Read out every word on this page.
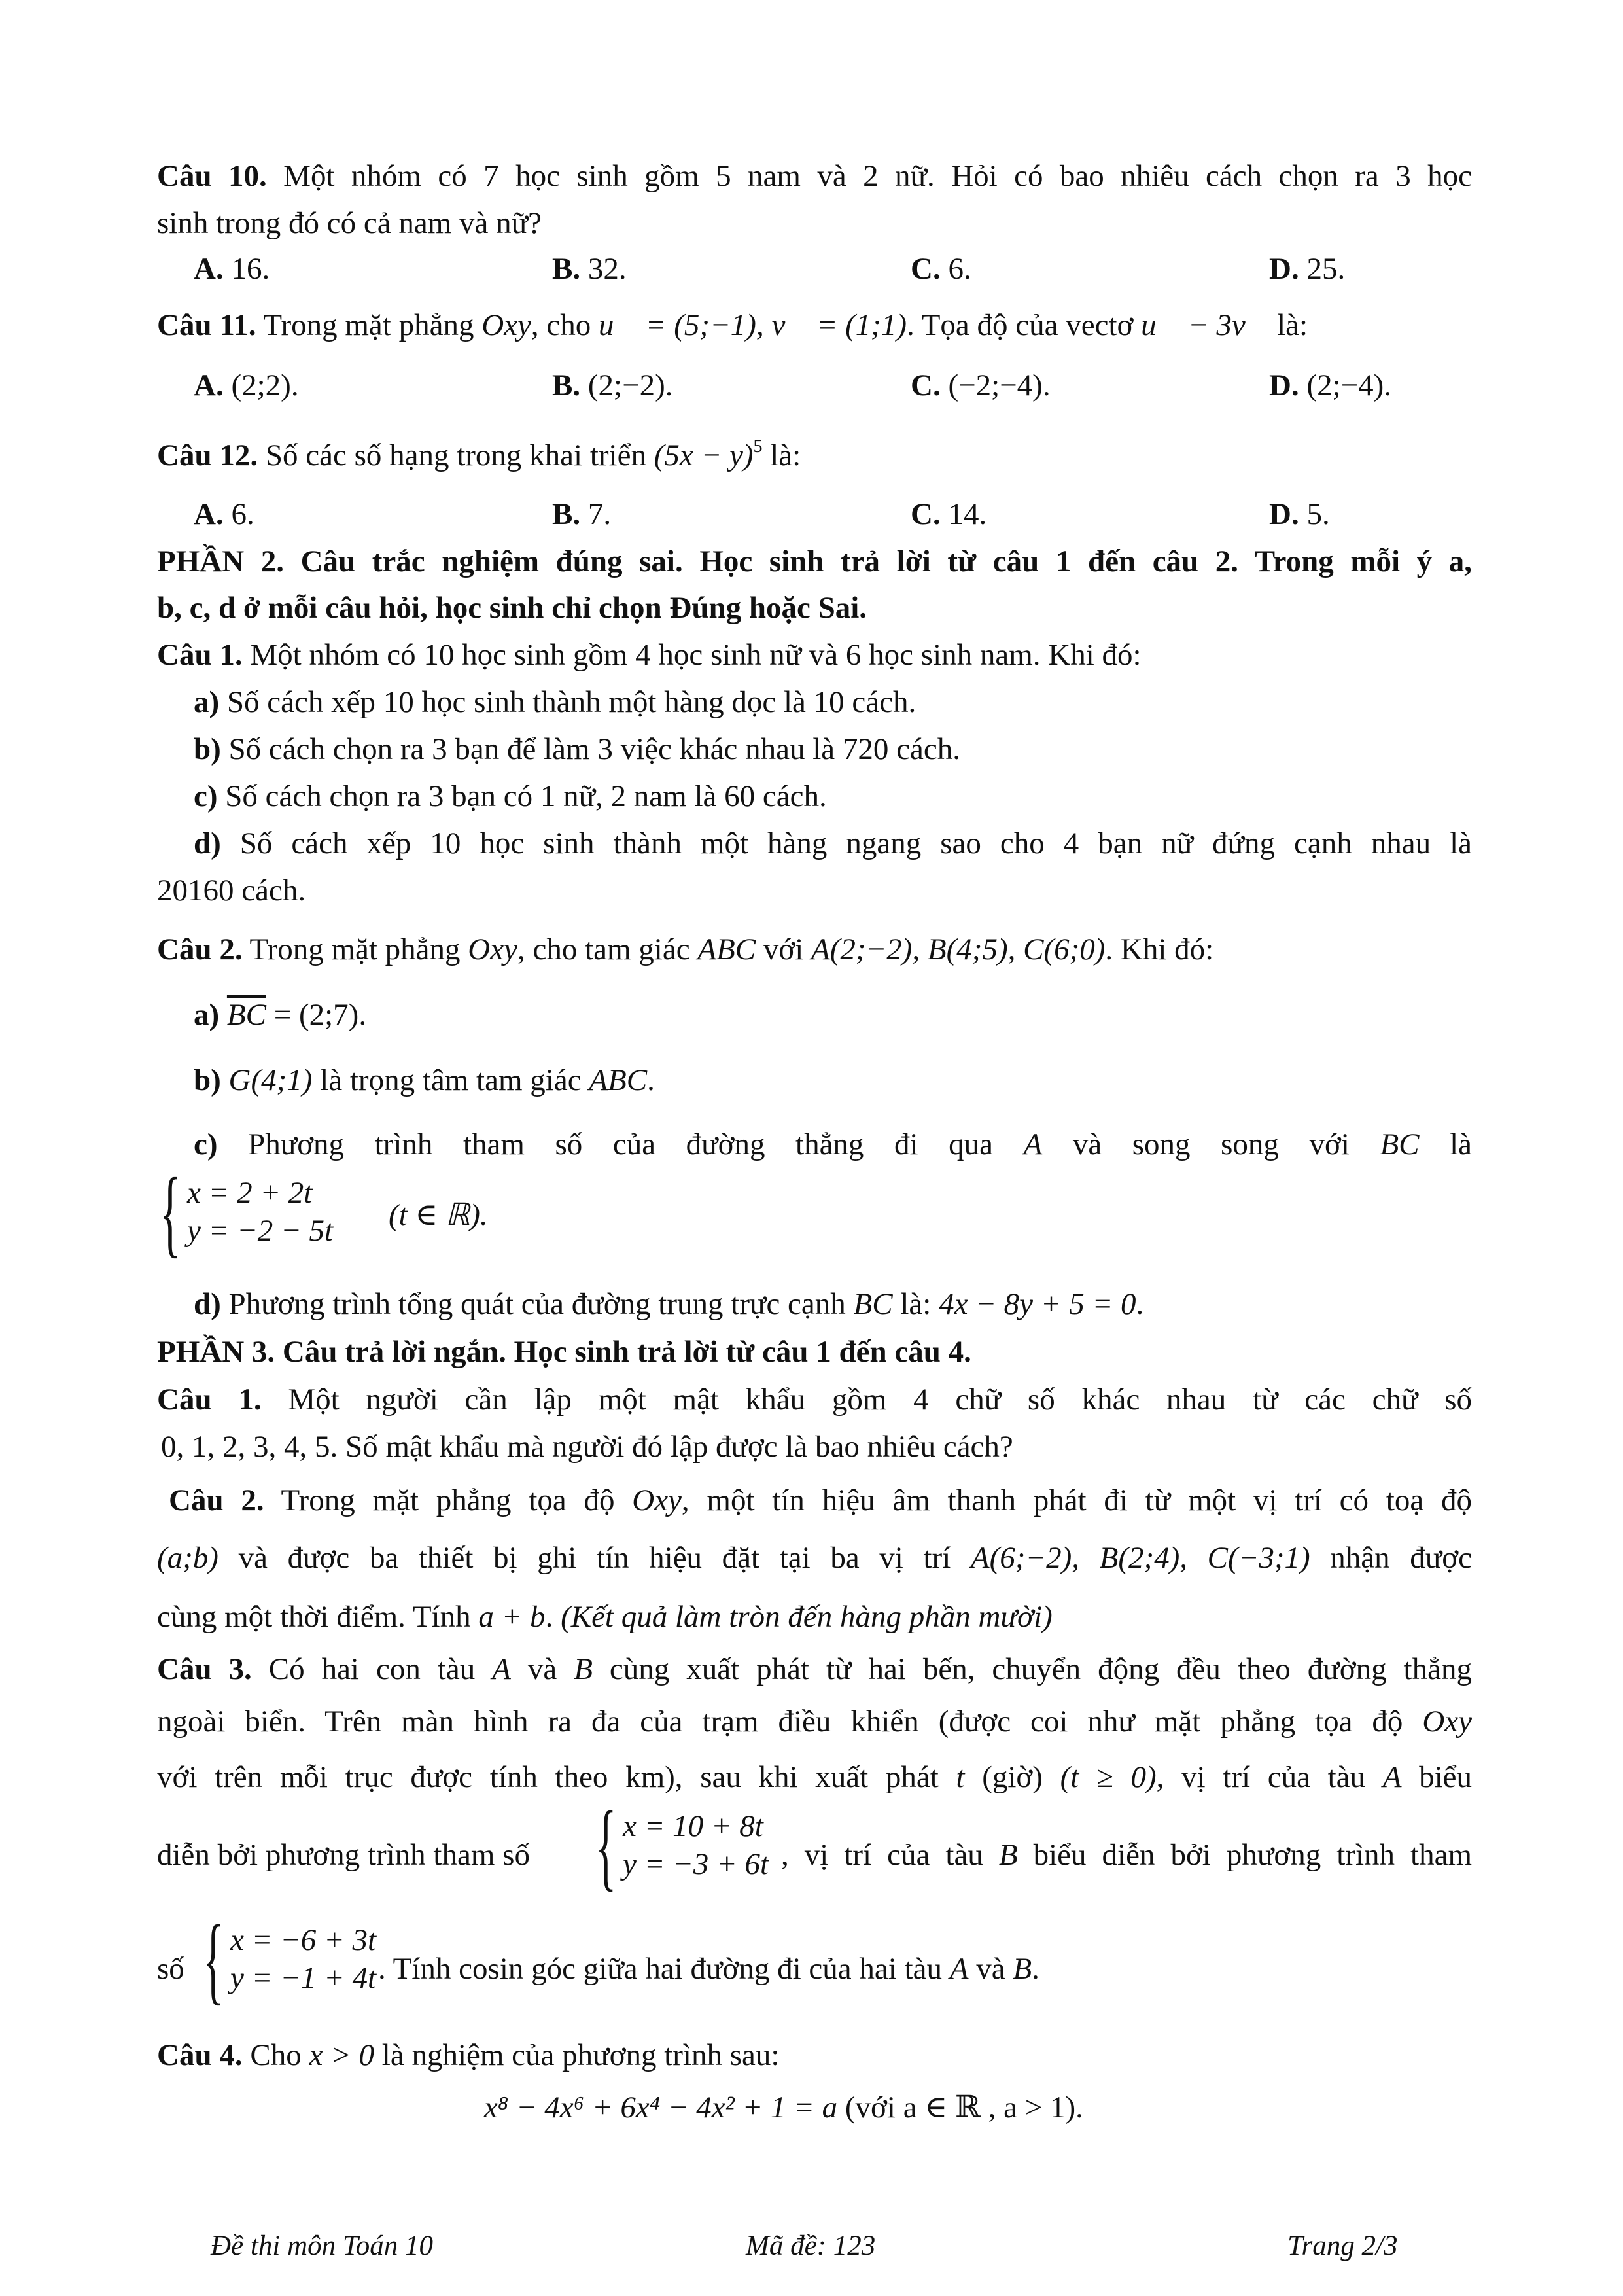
Câu 10. Một nhóm có 7 học sinh gồm 5 nam và 2 nữ. Hỏi có bao nhiêu cách chọn ra 3 học
sinh trong đó có cả nam và nữ?
A. 16.	B. 32.	C. 6.	D. 25.
Câu 11. Trong mặt phẳng Oxy, cho u⃗ = (5;−1), v⃗ = (1;1). Tọa độ của vectơ u⃗ − 3v⃗ là:
A. (2;2).	B. (2;−2).	C. (−2;−4).	D. (2;−4).
Câu 12. Số các số hạng trong khai triển $(5x - y)^5$ là:
A. 6.	B. 7.	C. 14.	D. 5.
PHẦN 2. Câu trắc nghiệm đúng sai. Học sinh trả lời từ câu 1 đến câu 2. Trong mỗi ý a,
b, c, d ở mỗi câu hỏi, học sinh chỉ chọn Đúng hoặc Sai.
Câu 1. Một nhóm có 10 học sinh gồm 4 học sinh nữ và 6 học sinh nam. Khi đó:
a) Số cách xếp 10 học sinh thành một hàng dọc là 10 cách.
b) Số cách chọn ra 3 bạn để làm 3 việc khác nhau là 720 cách.
c) Số cách chọn ra 3 bạn có 1 nữ, 2 nam là 60 cách.
d) Số cách xếp 10 học sinh thành một hàng ngang sao cho 4 bạn nữ đứng cạnh nhau là
20160 cách.
Câu 2. Trong mặt phẳng Oxy, cho tam giác ABC với A(2;−2), B(4;5), C(6;0). Khi đó:
a) $\overline{BC}$ = (2;7).
b) G(4;1) là trọng tâm tam giác ABC.
c) Phương trình tham số của đường thẳng đi qua A và song song với BC là
{ x = 2 + 2t
y = −2 − 5t (t ∈ ℝ).
d) Phương trình tổng quát của đường trung trực cạnh BC là: 4x − 8y + 5 = 0.
PHẦN 3. Câu trả lời ngắn. Học sinh trả lời từ câu 1 đến câu 4.
Câu 1. Một người cần lập một mật khẩu gồm 4 chữ số khác nhau từ các chữ số
0, 1, 2, 3, 4, 5. Số mật khẩu mà người đó lập được là bao nhiêu cách?
Câu 2. Trong mặt phẳng tọa độ Oxy, một tín hiệu âm thanh phát đi từ một vị trí có toạ độ
(a;b) và được ba thiết bị ghi tín hiệu đặt tại ba vị trí A(6;−2), B(2;4), C(−3;1) nhận được
cùng một thời điểm. Tính a + b. (Kết quả làm tròn đến hàng phần mười)
Câu 3. Có hai con tàu A và B cùng xuất phát từ hai bến, chuyển động đều theo đường thẳng
ngoài biển. Trên màn hình ra đa của trạm điều khiển (được coi như mặt phẳng tọa độ Oxy
với trên mỗi trục được tính theo km), sau khi xuất phát t (giờ) (t ≥ 0), vị trí của tàu A biểu
diễn bởi phương trình tham số { x = 10 + 8t
y = −3 + 6t , vị trí của tàu B biểu diễn bởi phương trình tham
số { x = −6 + 3t
y = −1 + 4t . Tính cosin góc giữa hai đường đi của hai tàu A và B.
Câu 4. Cho x > 0 là nghiệm của phương trình sau:
x⁸ − 4x⁶ + 6x⁴ − 4x² + 1 = a (với a ∈ ℝ , a > 1).
Đề thi môn Toán 10	Mã đề: 123	Trang 2/3
